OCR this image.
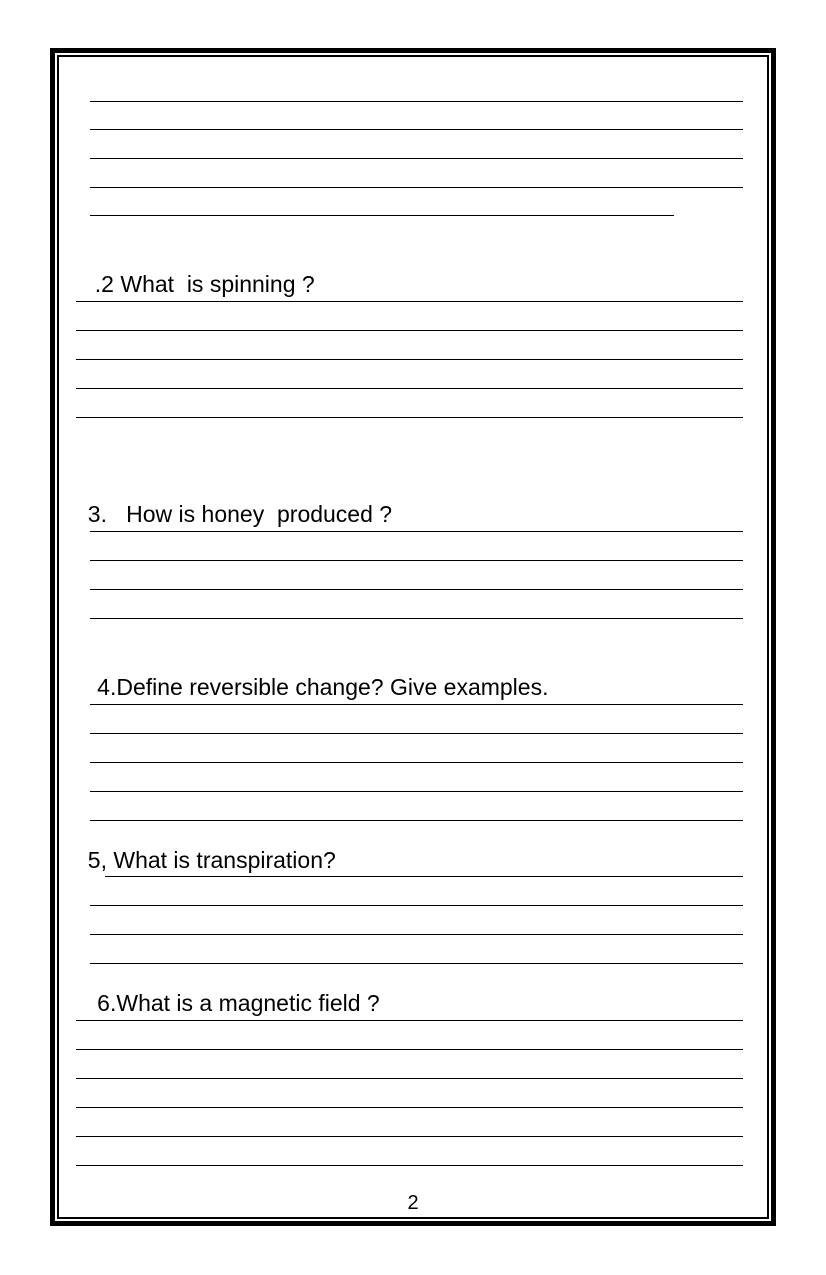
.2 What  is spinning ?

3.   How is honey  produced ?

4.Define reversible change? Give examples.

5, What is transpiration?

6.What is a magnetic field ?

2
